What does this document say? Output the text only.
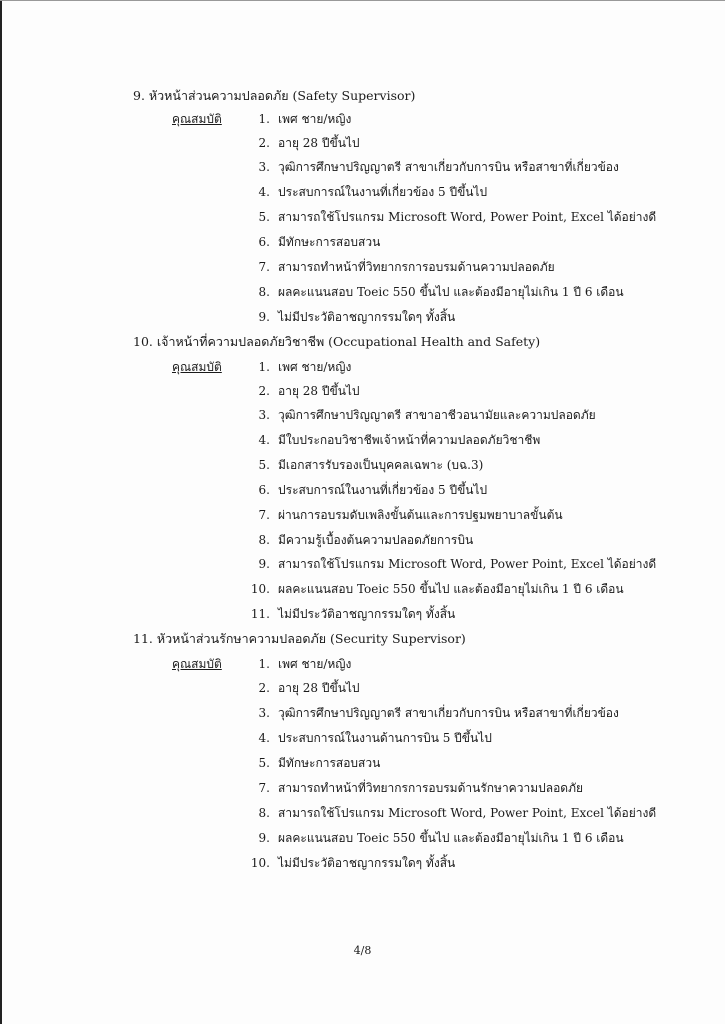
9. หัวหน้าส่วนความปลอดภัย (Safety Supervisor)
คุณสมบัติ	1. เพศ ชาย/หญิง
2. อายุ 28 ปีขึ้นไป
3. วุฒิการศึกษาปริญญาตรี สาขาเกี่ยวกับการบิน หรือสาขาที่เกี่ยวข้อง
4. ประสบการณ์ในงานที่เกี่ยวข้อง 5 ปีขึ้นไป
5. สามารถใช้โปรแกรม Microsoft Word, Power Point, Excel ได้อย่างดี
6. มีทักษะการสอบสวน
7. สามารถทำหน้าที่วิทยากรการอบรมด้านความปลอดภัย
8. ผลคะแนนสอบ Toeic 550 ขึ้นไป และต้องมีอายุไม่เกิน 1 ปี 6 เดือน
9. ไม่มีประวัติอาชญากรรมใดๆ ทั้งสิ้น
10. เจ้าหน้าที่ความปลอดภัยวิชาชีพ (Occupational Health and Safety)
คุณสมบัติ	1. เพศ ชาย/หญิง
2. อายุ 28 ปีขึ้นไป
3. วุฒิการศึกษาปริญญาตรี สาขาอาชีวอนามัยและความปลอดภัย
4. มีใบประกอบวิชาชีพเจ้าหน้าที่ความปลอดภัยวิชาชีพ
5. มีเอกสารรับรองเป็นบุคคลเฉพาะ (บฉ.3)
6. ประสบการณ์ในงานที่เกี่ยวข้อง 5 ปีขึ้นไป
7. ผ่านการอบรมดับเพลิงขั้นต้นและการปฐมพยาบาลขั้นต้น
8. มีความรู้เบื้องต้นความปลอดภัยการบิน
9. สามารถใช้โปรแกรม Microsoft Word, Power Point, Excel ได้อย่างดี
10. ผลคะแนนสอบ Toeic 550 ขึ้นไป และต้องมีอายุไม่เกิน 1 ปี 6 เดือน
11. ไม่มีประวัติอาชญากรรมใดๆ ทั้งสิ้น
11. หัวหน้าส่วนรักษาความปลอดภัย (Security Supervisor)
คุณสมบัติ	1. เพศ ชาย/หญิง
2. อายุ 28 ปีขึ้นไป
3. วุฒิการศึกษาปริญญาตรี สาขาเกี่ยวกับการบิน หรือสาขาที่เกี่ยวข้อง
4. ประสบการณ์ในงานด้านการบิน 5 ปีขึ้นไป
5. มีทักษะการสอบสวน
7. สามารถทำหน้าที่วิทยากรการอบรมด้านรักษาความปลอดภัย
8. สามารถใช้โปรแกรม Microsoft Word, Power Point, Excel ได้อย่างดี
9. ผลคะแนนสอบ Toeic 550 ขึ้นไป และต้องมีอายุไม่เกิน 1 ปี 6 เดือน
10. ไม่มีประวัติอาชญากรรมใดๆ ทั้งสิ้น
4/8
